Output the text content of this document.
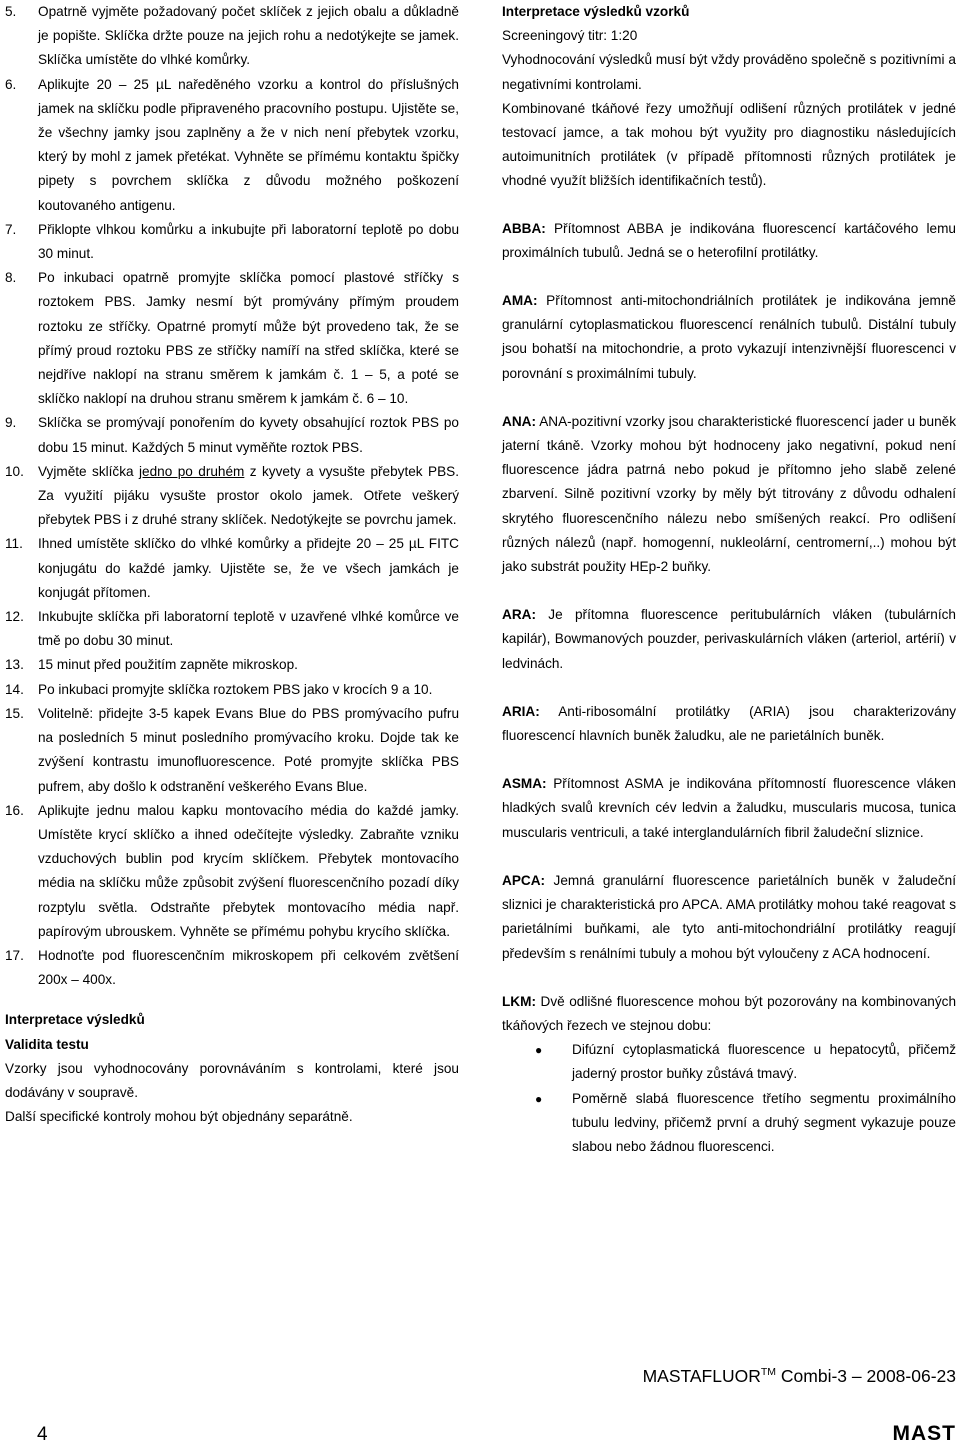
5. Opatrně vyjměte požadovaný počet sklíček z jejich obalu a důkladně je popište. Sklíčka držte pouze na jejich rohu a nedotýkejte se jamek. Sklíčka umístěte do vlhké komůrky.
6. Aplikujte 20 – 25 µL naředěného vzorku a kontrol do příslušných jamek na sklíčku podle připraveného pracovního postupu. Ujistěte se, že všechny jamky jsou zaplněny a že v nich není přebytek vzorku, který by mohl z jamek přetékat. Vyhněte se přímému kontaktu špičky pipety s povrchem sklíčka z důvodu možného poškození koutovaného antigenu.
7. Přiklopte vlhkou komůrku a inkubujte při laboratorní teplotě po dobu 30 minut.
8. Po inkubaci opatrně promyjte sklíčka pomocí plastové stříčky s roztokem PBS. Jamky nesmí být promývány přímým proudem roztoku ze stříčky. Opatrné promytí může být provedeno tak, že se přímý proud roztoku PBS ze stříčky namíří na střed sklíčka, které se nejdříve naklopí na stranu směrem k jamkám č. 1 – 5, a poté se sklíčko naklopí na druhou stranu směrem k jamkám č. 6 – 10.
9. Sklíčka se promývají ponořením do kyvety obsahující roztok PBS po dobu 15 minut. Každých 5 minut vyměňte roztok PBS.
10. Vyjměte sklíčka jedno po druhém z kyvety a vysušte přebytek PBS. Za využití pijáku vysušte prostor okolo jamek. Otřete veškerý přebytek PBS i z druhé strany sklíček. Nedotýkejte se povrchu jamek.
11. Ihned umístěte sklíčko do vlhké komůrky a přidejte 20 – 25 µL FITC konjugátu do každé jamky. Ujistěte se, že ve všech jamkách je konjugát přítomen.
12. Inkubujte sklíčka při laboratorní teplotě v uzavřené vlhké komůrce ve tmě po dobu 30 minut.
13. 15 minut před použitím zapněte mikroskop.
14. Po inkubaci promyjte sklíčka roztokem PBS jako v krocích 9 a 10.
15. Volitelně: přidejte 3-5 kapek Evans Blue do PBS promývacího pufru na posledních 5 minut posledního promývacího kroku. Dojde tak ke zvýšení kontrastu imunofluorescence. Poté promyjte sklíčka PBS pufrem, aby došlo k odstranění veškerého Evans Blue.
16. Aplikujte jednu malou kapku montovacího média do každé jamky. Umístěte krycí sklíčko a ihned odečítejte výsledky. Zabraňte vzniku vzduchových bublin pod krycím sklíčkem. Přebytek montovacího média na sklíčku může způsobit zvýšení fluorescenčního pozadí díky rozptylu světla. Odstraňte přebytek montovacího média např. papírovým ubrouskem. Vyhněte se přímému pohybu krycího sklíčka.
17. Hodnoťte pod fluorescenčním mikroskopem při celkovém zvětšení 200x – 400x.

Interpretace výsledků

Validita testu

Vzorky jsou vyhodnocovány porovnáváním s kontrolami, které jsou dodávány v soupravě.

Další specifické kontroly mohou být objednány separátně.

Interpretace výsledků vzorků

Screeningový titr: 1:20

Vyhodnocování výsledků musí být vždy prováděno společně s pozitivními a negativními kontrolami.

Kombinované tkáňové řezy umožňují odlišení různých protilátek v jedné testovací jamce, a tak mohou být využity pro diagnostiku následujících autoimunitních protilátek (v případě přítomnosti různých protilátek je vhodné využít bližších identifikačních testů).

ABBA: Přítomnost ABBA je indikována fluorescencí kartáčového lemu proximálních tubulů. Jedná se o heterofilní protilátky.

AMA: Přítomnost anti-mitochondriálních protilátek je indikována jemně granulární cytoplasmatickou fluorescencí renálních tubulů. Distální tubuly jsou bohatší na mitochondrie, a proto vykazují intenzivnější fluorescenci v porovnání s proximálními tubuly.

ANA: ANA-pozitivní vzorky jsou charakteristické fluorescencí jader u buněk jaterní tkáně. Vzorky mohou být hodnoceny jako negativní, pokud není fluorescence jádra patrná nebo pokud je přítomno jeho slabě zelené zbarvení. Silně pozitivní vzorky by měly být titrovány z důvodu odhalení skrytého fluorescenčního nálezu nebo smíšených reakcí. Pro odlišení různých nálezů (např. homogenní, nukleolární, centromerní,..) mohou být jako substrát použity HEp-2 buňky.

ARA: Je přítomna fluorescence peritubulárních vláken (tubulárních kapilár), Bowmanových pouzder, perivaskulárních vláken (arteriol, artérií) v ledvinách.

ARIA: Anti-ribosomální protilátky (ARIA) jsou charakterizovány fluorescencí hlavních buněk žaludku, ale ne parietálních buněk.

ASMA: Přítomnost ASMA je indikována přítomností fluorescence vláken hladkých svalů krevních cév ledvin a žaludku, muscularis mucosa, tunica muscularis ventriculi, a také interglandulárních fibril žaludeční sliznice.

APCA: Jemná granulární fluorescence parietálních buněk v žaludeční sliznici je charakteristická pro APCA. AMA protilátky mohou také reagovat s parietálními buňkami, ale tyto anti-mitochondriální protilátky reagují především s renálními tubuly a mohou být vyloučeny z ACA hodnocení.

LKM: Dvě odlišné fluorescence mohou být pozorovány na kombinovaných tkáňových řezech ve stejnou dobu:

● Difúzní cytoplasmatická fluorescence u hepatocytů, přičemž jaderný prostor buňky zůstává tmavý.
● Poměrně slabá fluorescence třetího segmentu proximálního tubulu ledviny, přičemž první a druhý segment vykazuje pouze slabou nebo žádnou fluorescenci.
MASTAFLUOR™ Combi-3 – 2008-06-23
4	MAST
